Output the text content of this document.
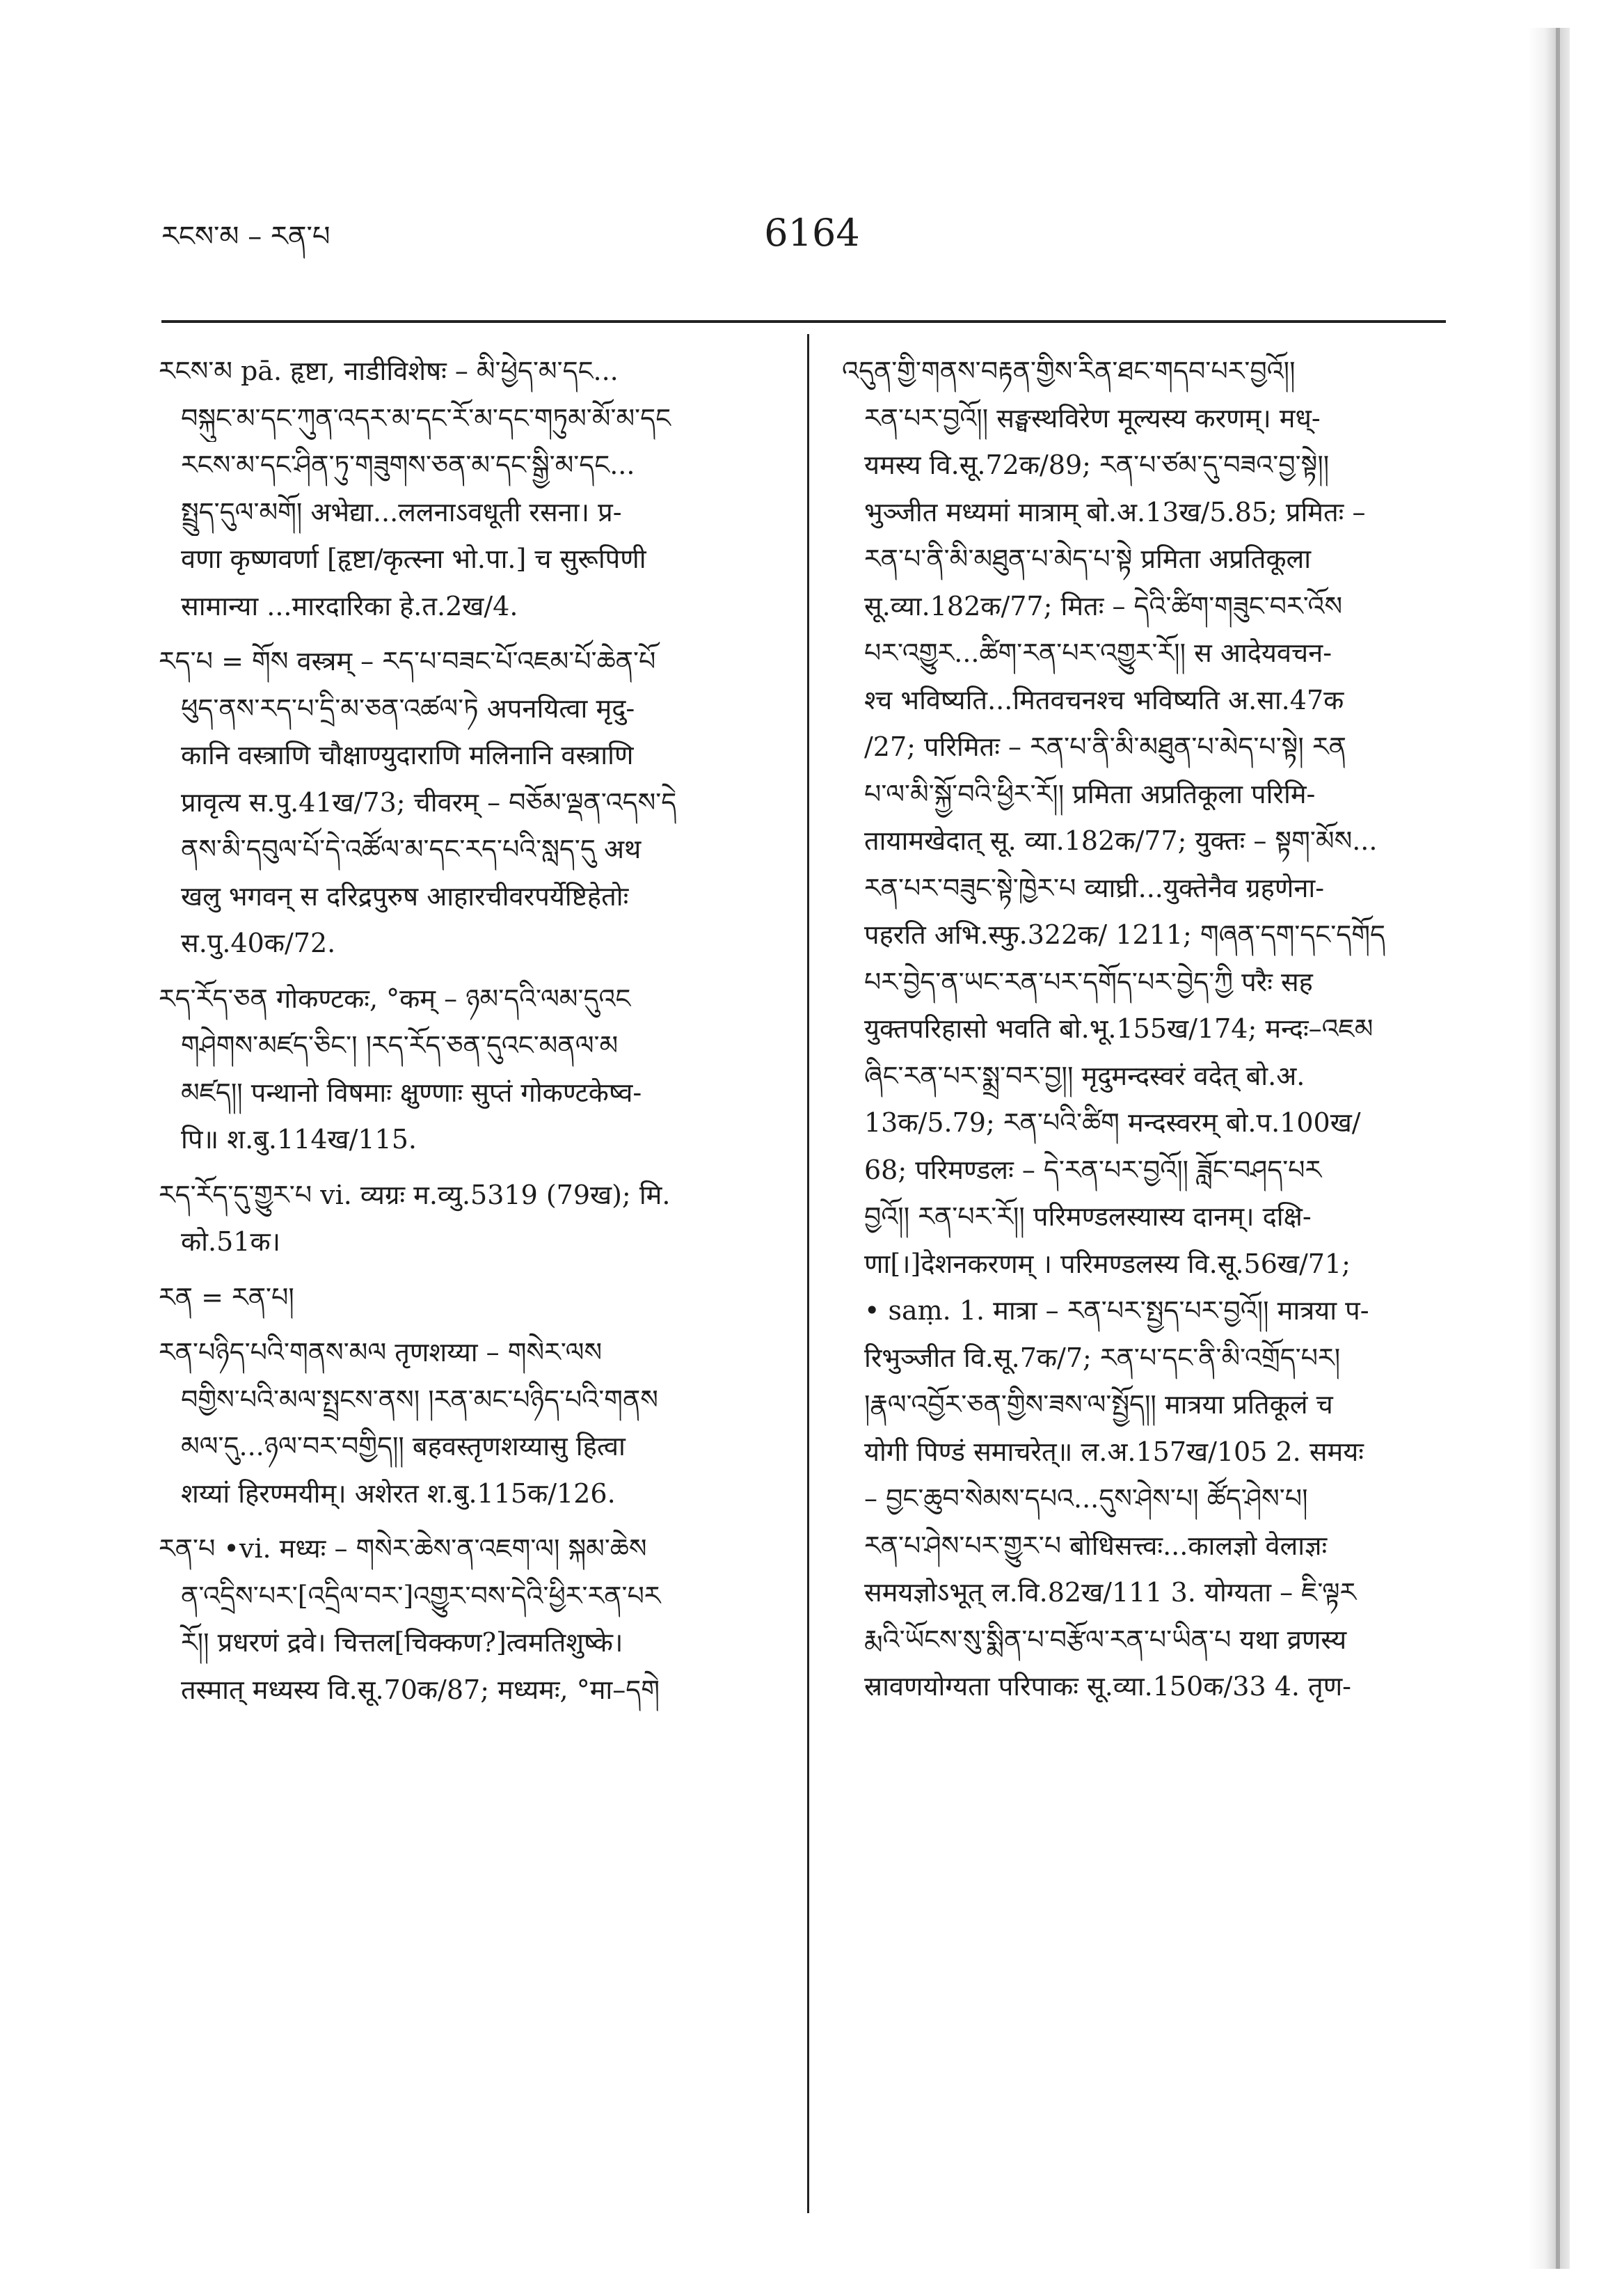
རངས་མ – རན་པ	6164
རངས་མ pā. हृष्टा, नाडीविशेषः – མི་ཕྱེད་མ་དང...
བསྐུང་མ་དང་ཀུན་འདར་མ་དང་རོ་མ་དང་གཏུམ་མོ་མ་དང
རངས་མ་དང་ཤིན་ཏུ་གཟུགས་ཅན་མ་དང་སྒྱི་མ་དང...
སྤྲུད་དུལ་མགོ། अभेद्या...ललनाऽवधूती रसना। प्र-
वणा कृष्णवर्णा [हृष्टा/कृत्स्ना भो.पा.] च सुरूपिणी
सामान्या ...मारदारिका हे.त.2ख/4.
རད་པ = གོས वस्त्रम् – རད་པ་བཟང་པོ་འཇམ་པོ་ཆེན་པོ
ཕུད་ནས་རད་པ་དྲི་མ་ཅན་འཚལ་ཏེ अपनयित्वा मृदु-
कानि वस्त्राणि चौक्षाण्युदाराणि मलिनानि वस्त्राणि
प्रावृत्य स.पु.41ख/73; चीवरम् – བཅོམ་ལྡན་འདས་དེ
ནས་མི་དབུལ་པོ་དེ་འཚོལ་མ་དང་རད་པའི་སླད་དུ अथ
खलु भगवन् स दरिद्रपुरुष आहारचीवरपर्येष्टिहेतोः
स.पु.40क/72.
རད་རོད་ཅན गोकण्टकः, °कम् – ཉམ་དའི་ལམ་དུའང
གཤེགས་མཛད་ཅིང་། །རད་རོད་ཅན་དུའང་མནལ་མ
མཛད།། पन्थानो विषमाः क्षुण्णाः सुप्तं गोकण्टकेष्व-
पि॥ श.बु.114ख/115.
རད་རོད་དུ་གྱུར་པ vi. व्यग्रः म.व्यु.5319 (79ख); मि.
को.51क।
རན = རན་པ།
རན་པཉིད་པའི་གནས་མལ तृणशय्या – གསེར་ལས
བགྱིས་པའི་མལ་སྤྲངས་ནས། །རན་མང་པཉིད་པའི་གནས
མལ་དུ...ཉལ་བར་བགྱིད།། बहवस्तृणशय्यासु हित्वा
शय्यां हिरण्मयीम्। अशेरत श.बु.115क/126.
རན་པ •vi. मध्यः – གསེར་ཆེས་ན་འཇག་ལ། སྐམ་ཆེས
ན་འདྲིས་པར་[འདྲིལ་བར་]འགྱུར་བས་དེའི་ཕྱིར་རན་པར
རོ།། प्रधरणं द्रवे। चित्तल[चिक्कण?]त्वमतिशुष्के।
तस्मात् मध्यस्य वि.सू.70क/87; मध्यमः, °मा–དགེ
འདུན་གྱི་གནས་བརྟན་གྱིས་རིན་ཐང་གདབ་པར་བྱའོ།།
རན་པར་བྱའོ།། सङ्घस्थविरेण मूल्यस्य करणम्। मध्-
यमस्य वि.सू.72क/89; རན་པ་ཙམ་དུ་བཟའ་བྱ་སྟེ།།
भुञ्जीत मध्यमां मात्राम् बो.अ.13ख/5.85; प्रमितः –
རན་པ་ནི་མི་མཐུན་པ་མེད་པ་སྟེ प्रमिता अप्रतिकूला
सू.व्या.182क/77; मितः – དེའི་ཚིག་གཟུང་བར་འོས
པར་འགྱུར...ཚིག་རན་པར་འགྱུར་རོ།། स आदेयवचन-
श्च भविष्यति...मितवचनश्च भविष्यति अ.सा.47क
/27; परिमितः – རན་པ་ནི་མི་མཐུན་པ་མེད་པ་སྟེ། རན
པ་ལ་མི་སྐྱོ་བའི་ཕྱིར་རོ།། प्रमिता अप्रतिकूला परिमि-
तायामखेदात् सू. व्या.182क/77; युक्तः – སྟག་མོས...
རན་པར་བཟུང་སྟེ་ཁྱེར་པ व्याघ्री...युक्तेनैव ग्रहणेना-
पहरति अभि.स्फु.322क/ 1211; གཞན་དག་དང་དགོད
པར་བྱེད་ན་ཡང་རན་པར་དགོད་པར་བྱེད་ཀྱི परैः सह
युक्तपरिहासो भवति बो.भू.155ख/174; मन्दः–འཇམ
ཞིང་རན་པར་སྨྲ་བར་བྱ།། मृदुमन्दस्वरं वदेत् बो.अ.
13क/5.79; རན་པའི་ཚིག मन्दस्वरम् बो.प.100ख/
68; परिमण्डलः – དེ་རན་པར་བྱའོ།། ཟློང་བཤད་པར
བྱའོ།། རན་པར་རོ།། परिमण्डलस्यास्य दानम्। दक्षि-
णा[।]देशनकरणम् । परिमण्डलस्य वि.सू.56ख/71;
• saṃ. 1. मात्रा – རན་པར་སྤྱད་པར་བྱའོ།། मात्रया प-
रिभुञ्जीत वि.सू.7क/7; རན་པ་དང་ནི་མི་འགྲོད་པར།
།རྣལ་འབྱོར་ཅན་གྱིས་ཟས་ལ་སྤྱོད།། मात्रया प्रतिकूलं च
योगी पिण्डं समाचरेत्॥ ल.अ.157ख/105 2. समयः
– བྱང་ཆུབ་སེམས་དཔའ...དུས་ཤེས་པ། ཚོད་ཤེས་པ།
རན་པ་ཤེས་པར་གྱུར་པ बोधिसत्त्वः...कालज्ञो वेलाज्ञः
समयज्ञोऽभूत् ल.वि.82ख/111 3. योग्यता – ཇི་ལྟར
རྨའི་ཡོངས་སུ་སྨིན་པ་བརྩོལ་རན་པ་ཡིན་པ यथा व्रणस्य
स्रावणयोग्यता परिपाकः सू.व्या.150क/33 4. तृण-
